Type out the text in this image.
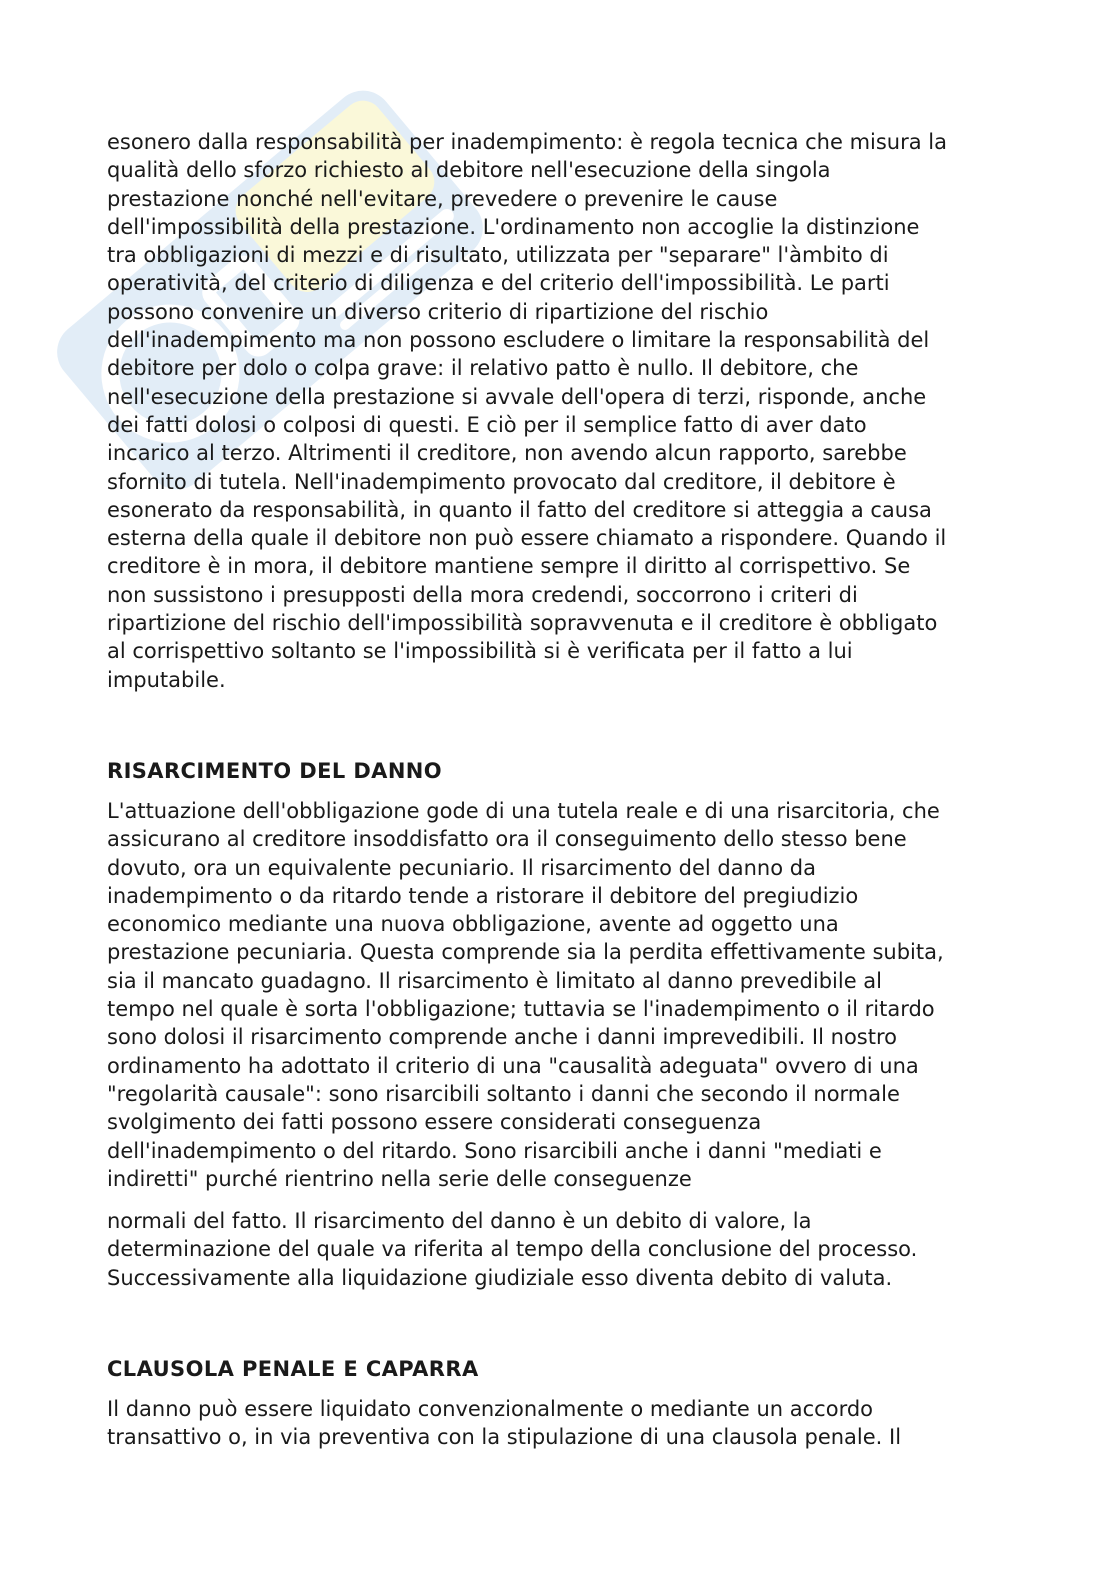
esonero dalla responsabilità per inadempimento: è regola tecnica che misura la
qualità dello sforzo richiesto al debitore nell'esecuzione della singola
prestazione nonché nell'evitare, prevedere o prevenire le cause
dell'impossibilità della prestazione. L'ordinamento non accoglie la distinzione
tra obbligazioni di mezzi e di risultato, utilizzata per "separare" l'àmbito di
operatività, del criterio di diligenza e del criterio dell'impossibilità. Le parti
possono convenire un diverso criterio di ripartizione del rischio
dell'inadempimento ma non possono escludere o limitare la responsabilità del
debitore per dolo o colpa grave: il relativo patto è nullo. Il debitore, che
nell'esecuzione della prestazione si avvale dell'opera di terzi, risponde, anche
dei fatti dolosi o colposi di questi. E ciò per il semplice fatto di aver dato
incarico al terzo. Altrimenti il creditore, non avendo alcun rapporto, sarebbe
sfornito di tutela. Nell'inadempimento provocato dal creditore, il debitore è
esonerato da responsabilità, in quanto il fatto del creditore si atteggia a causa
esterna della quale il debitore non può essere chiamato a rispondere. Quando il
creditore è in mora, il debitore mantiene sempre il diritto al corrispettivo. Se
non sussistono i presupposti della mora credendi, soccorrono i criteri di
ripartizione del rischio dell'impossibilità sopravvenuta e il creditore è obbligato
al corrispettivo soltanto se l'impossibilità si è verificata per il fatto a lui
imputabile.

RISARCIMENTO DEL DANNO

L'attuazione dell'obbligazione gode di una tutela reale e di una risarcitoria, che
assicurano al creditore insoddisfatto ora il conseguimento dello stesso bene
dovuto, ora un equivalente pecuniario. Il risarcimento del danno da
inadempimento o da ritardo tende a ristorare il debitore del pregiudizio
economico mediante una nuova obbligazione, avente ad oggetto una
prestazione pecuniaria. Questa comprende sia la perdita effettivamente subita,
sia il mancato guadagno. Il risarcimento è limitato al danno prevedibile al
tempo nel quale è sorta l'obbligazione; tuttavia se l'inadempimento o il ritardo
sono dolosi il risarcimento comprende anche i danni imprevedibili. Il nostro
ordinamento ha adottato il criterio di una "causalità adeguata" ovvero di una
"regolarità causale": sono risarcibili soltanto i danni che secondo il normale
svolgimento dei fatti possono essere considerati conseguenza
dell'inadempimento o del ritardo. Sono risarcibili anche i danni "mediati e
indiretti" purché rientrino nella serie delle conseguenze

normali del fatto. Il risarcimento del danno è un debito di valore, la
determinazione del quale va riferita al tempo della conclusione del processo.
Successivamente alla liquidazione giudiziale esso diventa debito di valuta.

CLAUSOLA PENALE E CAPARRA

Il danno può essere liquidato convenzionalmente o mediante un accordo
transattivo o, in via preventiva con la stipulazione di una clausola penale. Il
